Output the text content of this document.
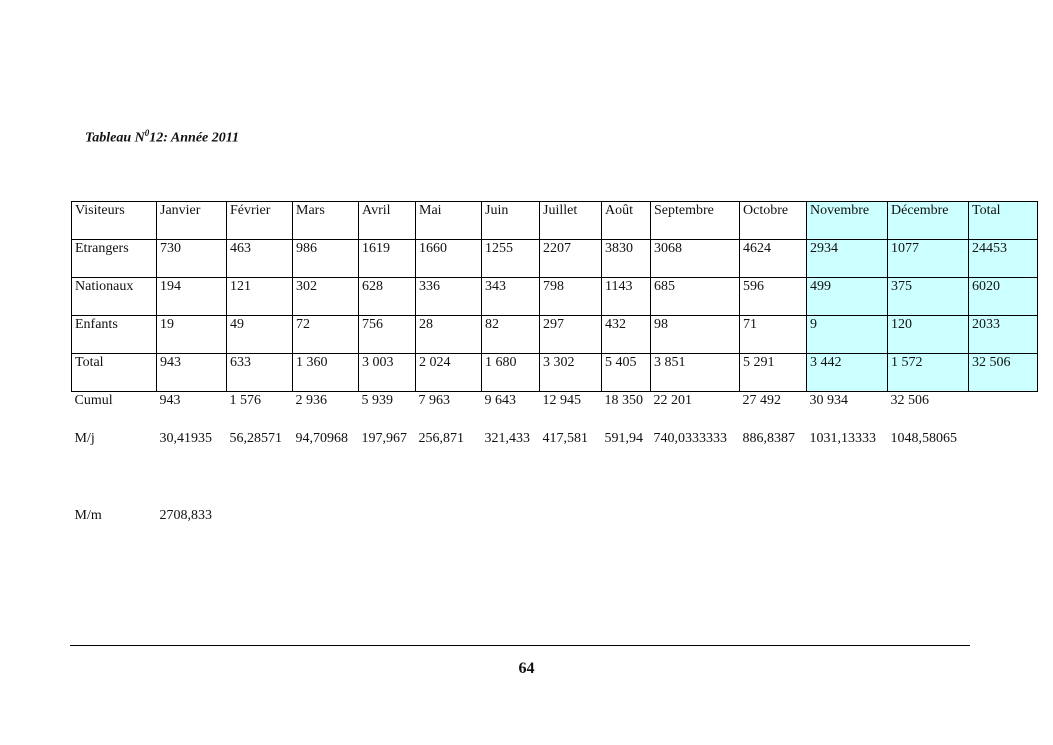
Tableau $N^012$: Année 2011
Visiteurs	Janvier	Février	Mars	Avril	Mai	Juin	Juillet	Août	Septembre	Octobre	Novembre	Décembre	Total
Etrangers	730	463	986	1619	1660	1255	2207	3830	3068	4624	2934	1077	24453
Nationaux	194	121	302	628	336	343	798	1143	685	596	499	375	6020
Enfants	19	49	72	756	28	82	297	432	98	71	9	120	2033
Total	943	633	1 360	3 003	2 024	1 680	3 302	5 405	3 851	5 291	3 442	1 572	32 506
Cumul	943	1 576	2 936	5 939	7 963	9 643	12 945	18 350	22 201	27 492	30 934	32 506	
M/j	30,41935	56,28571	94,70968	197,967	256,871	321,433	417,581	591,94	740,0333333	886,8387	1031,13333	1048,58065	
M/m	2708,833												
64
